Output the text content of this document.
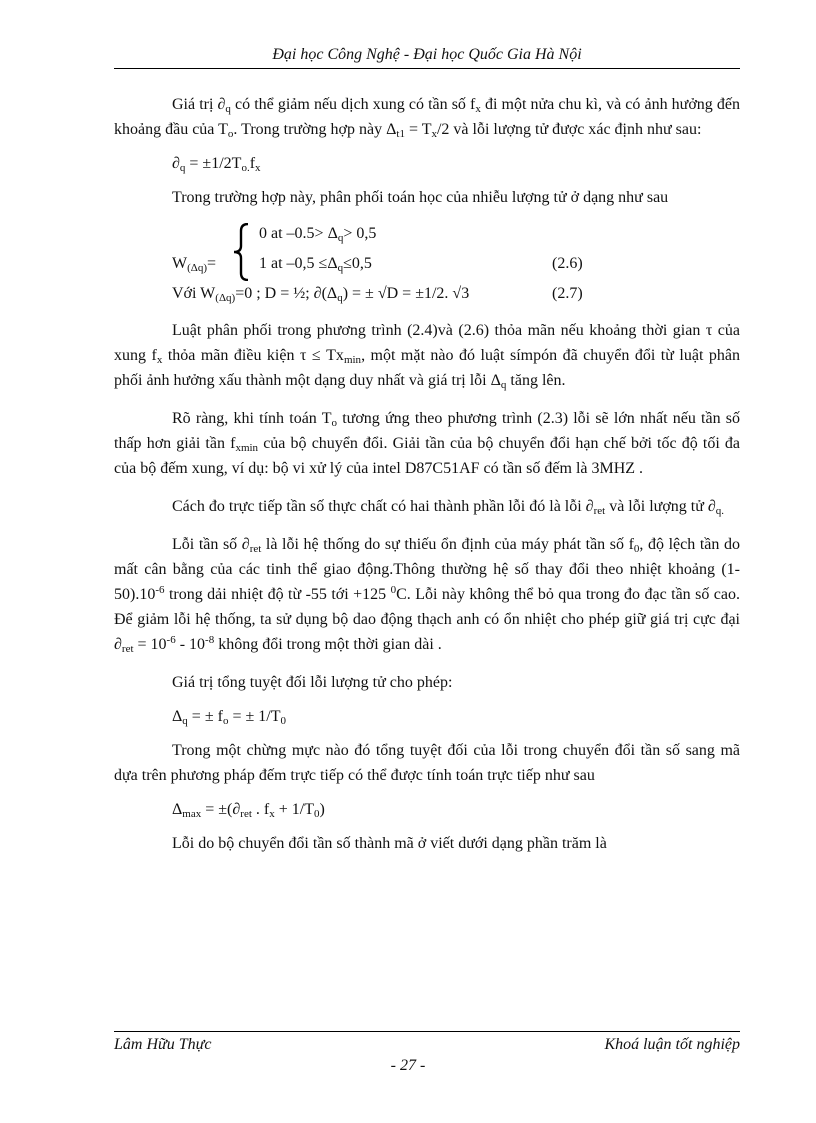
Đại học Công Nghệ - Đại học Quốc Gia Hà Nội

Giá trị $\partial_q$ có thể giảm nếu dịch xung có tần số $f_x$ đi một nửa chu kì, và có ảnh hưởng đến khoảng đầu của $T_o$. Trong trường hợp này $\Delta_{t1} = T_x/2$ và lỗi lượng tử được xác định như sau:

$\partial_q = \pm 1/2T_{o.}f_x$

Trong trường hợp này, phân phối toán học của nhiễu lượng tử ở dạng như sau

0 at $-0.5> \Delta_q> 0,5$
$W_{(\Delta q)}=$	1 at $-0,5 \le\Delta_q\le 0,5$	(2.6)
Với $W_{(\Delta q)}=0$ ; D = ½; $\partial(\Delta_q)$ = ± √D = ±1/2. √3	(2.7)

Luật phân phối trong phương trình (2.4)và (2.6) thỏa mãn nếu khoảng thời gian τ của xung $f_x$ thỏa mãn điều kiện $\tau \le Tx_{min}$, một mặt nào đó luật símpón đã chuyển đổi từ luật phân phối ảnh hưởng xấu thành một dạng duy nhất và giá trị lỗi $\Delta_q$ tăng lên.

Rõ ràng, khi tính toán $T_o$ tương ứng theo phương trình (2.3) lỗi sẽ lớn nhất nếu tần số thấp hơn giải tần $f_{xmin}$ của bộ chuyển đổi. Giải tần của bộ chuyển đổi hạn chế bởi tốc độ tối đa của bộ đếm xung, ví dụ: bộ vi xử lý của intel D87C51AF có tần số đếm là 3MHZ .

Cách đo trực tiếp tần số thực chất có hai thành phần lỗi đó là lỗi $\partial_{ret}$ và lỗi lượng tử $\partial_{q.}$

Lỗi tần số $\partial_{ret}$ là lỗi hệ thống do sự thiếu ổn định của máy phát tần số $f_0$, độ lệch tần do mất cân bằng của các tinh thể giao động.Thông thường hệ số thay đổi theo nhiệt khoảng (1- $50).10^{-6}$ trong dải nhiệt độ từ -55 tới +125 $^0$C. Lỗi này không thể bỏ qua trong đo đạc tần số cao. Để giảm lỗi hệ thống, ta sử dụng bộ dao động thạch anh có ổn nhiệt cho phép giữ giá trị cực đại $\partial_{ret} = 10^{-6} - 10^{-8}$ không đổi trong một thời gian dài .

Giá trị tổng tuyệt đối lỗi lượng tử cho phép:

$\Delta_q$ = ± $f_o$ = ± $1/T_0$

Trong một chừng mực nào đó tổng tuyệt đối của lỗi trong chuyển đổi tần số sang mã dựa trên phương pháp đếm trực tiếp có thể được tính toán trực tiếp như sau

$\Delta_{max} = \pm(\partial_{ret}$ . $f_x + 1/T_0$)

Lỗi do bộ chuyển đổi tần số thành mã ở viết dưới dạng phần trăm là

Lâm Hữu Thực	Khoá luận tốt nghiệp
- 27 -
